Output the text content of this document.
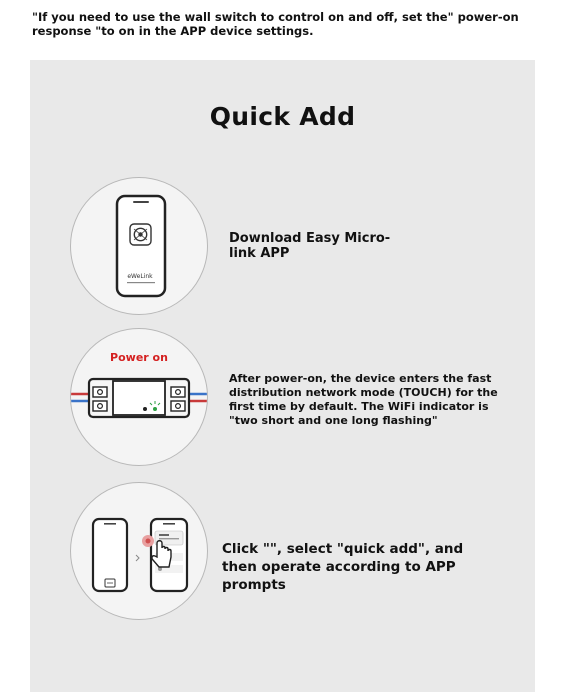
"If you need to use the wall switch to control on and off, set the" power-on response "to on in the APP device settings.
Quick Add
eWeLink
Download Easy Micro-link APP
Power on
After power-on, the device enters the fast distribution network mode (TOUCH) for the first time by default. The WiFi indicator is "two short and one long flashing"
Click "", select "quick add", and then operate according to APP prompts
